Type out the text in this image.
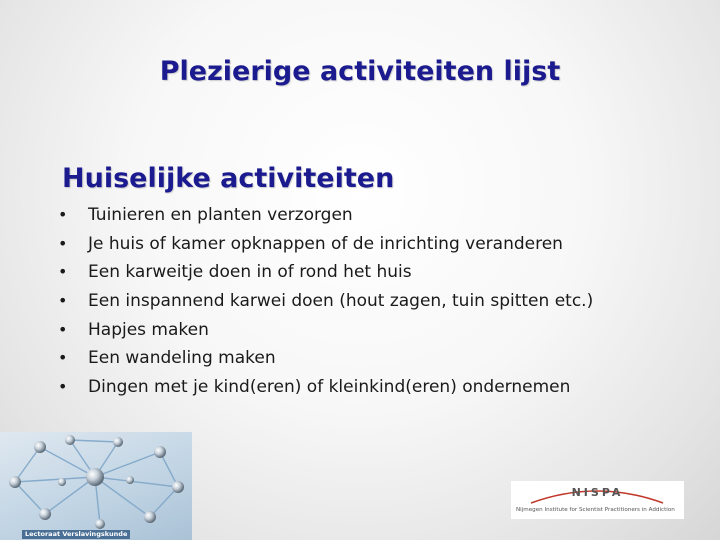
Plezierige activiteiten lijst
Huiselijke activiteiten
• Tuinieren en planten verzorgen
• Je huis of kamer opknappen of de inrichting veranderen
• Een karweitje doen in of rond het huis
• Een inspannend karwei doen (hout zagen, tuin spitten etc.)
• Hapjes maken
• Een wandeling maken
• Dingen met je kind(eren) of kleinkind(eren) ondernemen
Lectoraat Verslavingskunde
NISPA
Nijmegen Institute for Scientist Practitioners in Addiction
